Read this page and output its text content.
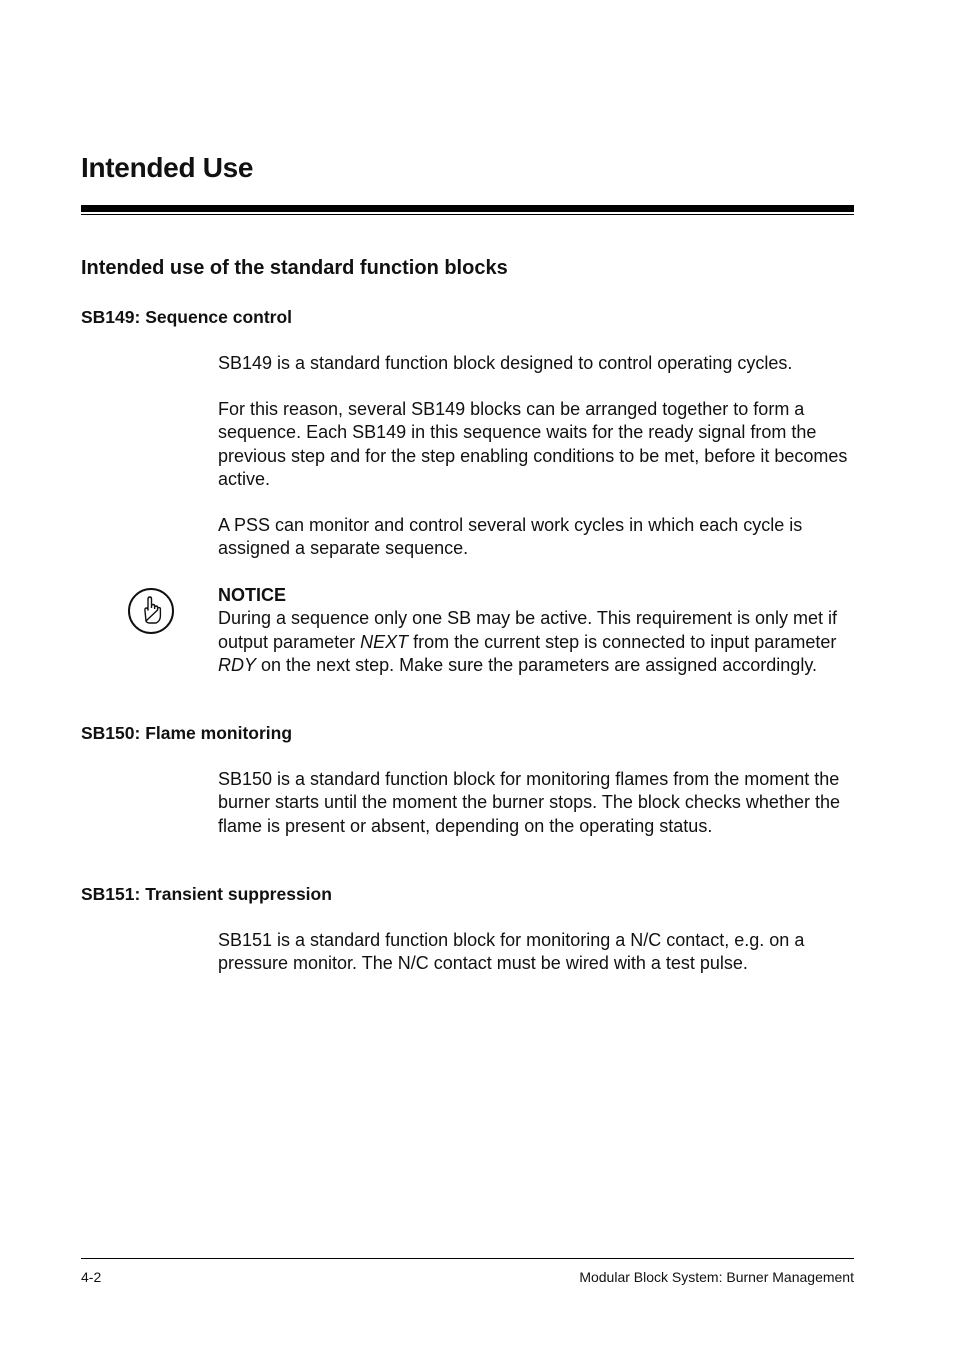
Intended Use
Intended use of the standard function blocks
SB149: Sequence control

SB149 is a standard function block designed to control operating cycles.

For this reason, several SB149 blocks can be arranged together to form a sequence. Each SB149 in this sequence waits for the ready signal from the previous step and for the step enabling conditions to be met, before it becomes active.

A PSS can monitor and control several work cycles in which each cycle is assigned a separate sequence.

NOTICE
During a sequence only one SB may be active. This requirement is only met if output parameter NEXT from the current step is connected to input parameter RDY on the next step. Make sure the parameters are assigned accordingly.

SB150: Flame monitoring

SB150 is a standard function block for monitoring flames from the moment the burner starts until the moment the burner stops. The block checks whether the flame is present or absent, depending on the operating status.

SB151: Transient suppression

SB151 is a standard function block for monitoring a N/C contact, e.g. on a pressure monitor. The N/C contact must be wired with a test pulse.

4-2	Modular Block System: Burner Management
